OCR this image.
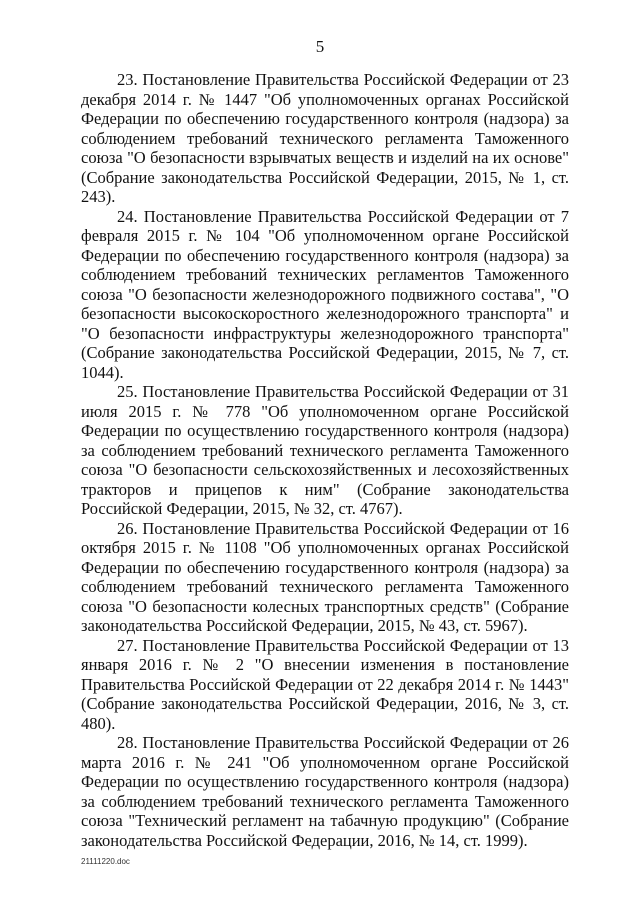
5

23. Постановление Правительства Российской Федерации от 23 декабря 2014 г. № 1447 "Об уполномоченных органах Российской Федерации по обеспечению государственного контроля (надзора) за соблюдением требований технического регламента Таможенного союза "О безопасности взрывчатых веществ и изделий на их основе" (Собрание законодательства Российской Федерации, 2015, № 1, ст. 243).

24. Постановление Правительства Российской Федерации от 7 февраля 2015 г. № 104 "Об уполномоченном органе Российской Федерации по обеспечению государственного контроля (надзора) за соблюдением требований технических регламентов Таможенного союза "О безопасности железнодорожного подвижного состава", "О безопасности высокоскоростного железнодорожного транспорта" и "О безопасности инфраструктуры железнодорожного транспорта" (Собрание законодательства Российской Федерации, 2015, № 7, ст. 1044).

25. Постановление Правительства Российской Федерации от 31 июля 2015 г. № 778 "Об уполномоченном органе Российской Федерации по осуществлению государственного контроля (надзора) за соблюдением требований технического регламента Таможенного союза "О безопасности сельскохозяйственных и лесохозяйственных тракторов и прицепов к ним" (Собрание законодательства Российской Федерации, 2015, № 32, ст. 4767).

26. Постановление Правительства Российской Федерации от 16 октября 2015 г. № 1108 "Об уполномоченных органах Российской Федерации по обеспечению государственного контроля (надзора) за соблюдением требований технического регламента Таможенного союза "О безопасности колесных транспортных средств" (Собрание законодательства Российской Федерации, 2015, № 43, ст. 5967).

27. Постановление Правительства Российской Федерации от 13 января 2016 г. № 2 "О внесении изменения в постановление Правительства Российской Федерации от 22 декабря 2014 г. № 1443" (Собрание законодательства Российской Федерации, 2016, № 3, ст. 480).

28. Постановление Правительства Российской Федерации от 26 марта 2016 г. № 241 "Об уполномоченном органе Российской Федерации по осуществлению государственного контроля (надзора) за соблюдением требований технического регламента Таможенного союза "Технический регламент на табачную продукцию" (Собрание законодательства Российской Федерации, 2016, № 14, ст. 1999).

21111220.doc
